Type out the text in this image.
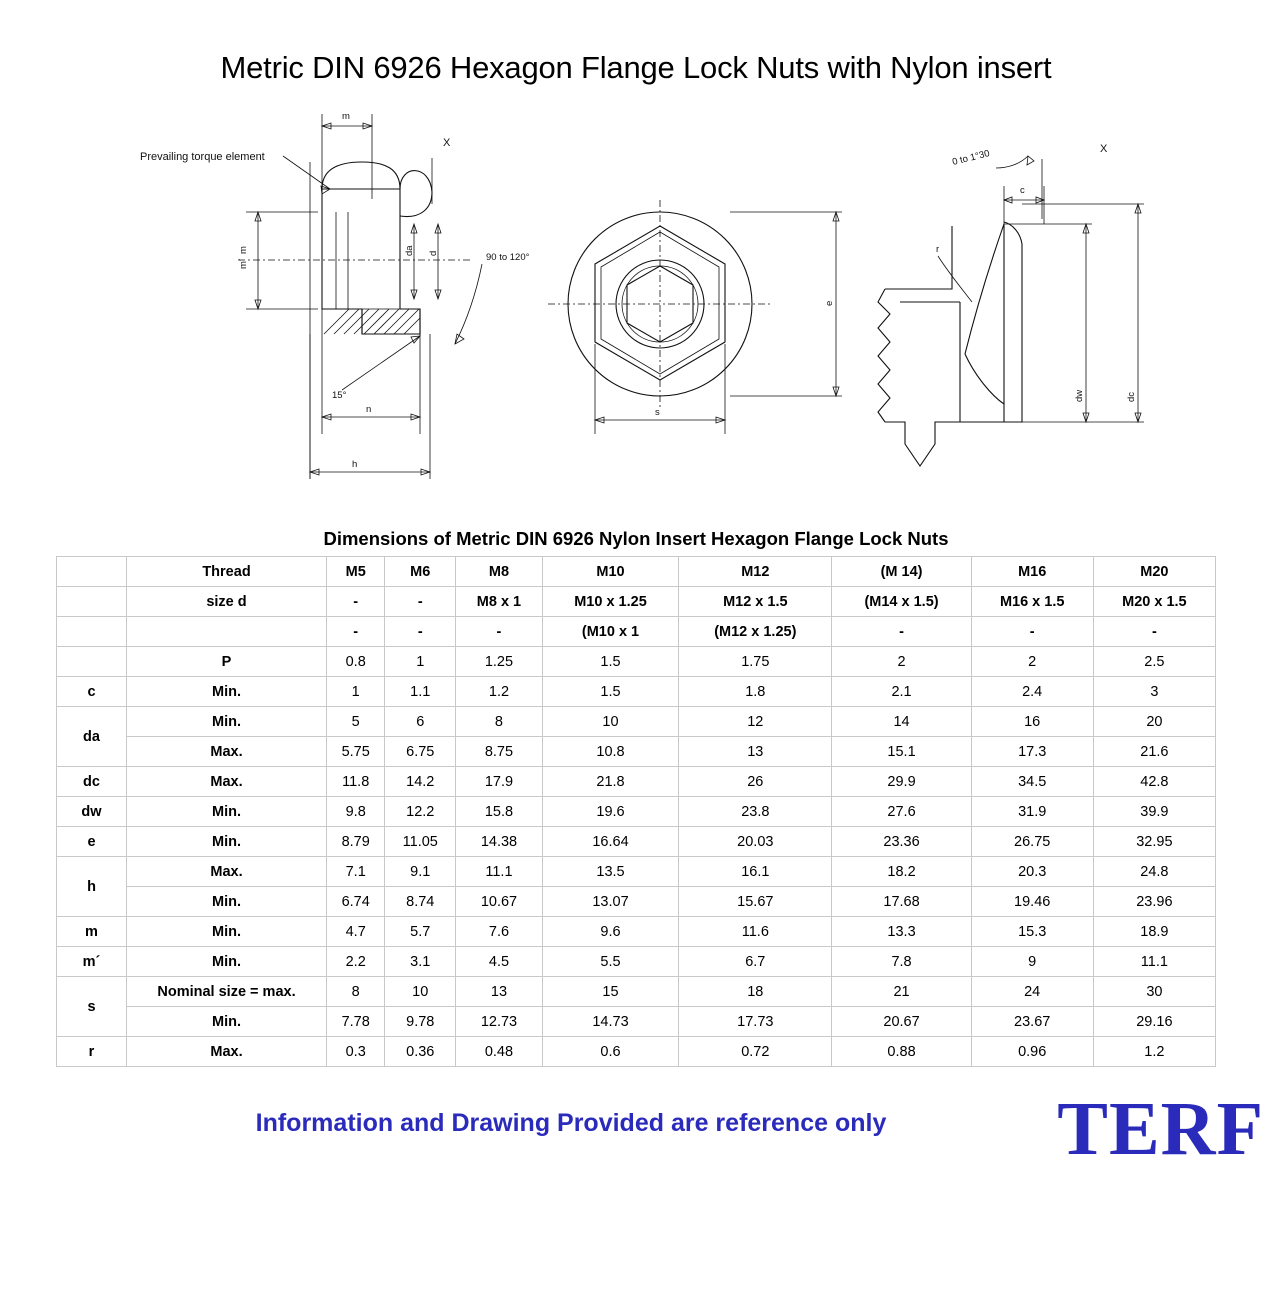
Metric DIN 6926 Hexagon Flange Lock Nuts with Nylon insert
Prevailing torque element
m
m´
m	da d
X
90 to 120°
15°
n
h
e
s
X
0 to 1°30
c
r
dw	dc
Dimensions of Metric DIN 6926 Nylon Insert Hexagon Flange Lock Nuts
	Thread	M5	M6	M8	M10	M12	(M 14)	M16	M20
	size d	-	-	M8 x 1	M10 x 1.25	M12 x 1.5	(M14 x 1.5)	M16 x 1.5	M20 x 1.5
		-	-	-	(M10 x 1	(M12 x 1.25)	-	-	-
	P	0.8	1	1.25	1.5	1.75	2	2	2.5
c	Min.	1	1.1	1.2	1.5	1.8	2.1	2.4	3
da	Min.	5	6	8	10	12	14	16	20
	Max.	5.75	6.75	8.75	10.8	13	15.1	17.3	21.6
dc	Max.	11.8	14.2	17.9	21.8	26	29.9	34.5	42.8
dw	Min.	9.8	12.2	15.8	19.6	23.8	27.6	31.9	39.9
e	Min.	8.79	11.05	14.38	16.64	20.03	23.36	26.75	32.95
h	Max.	7.1	9.1	11.1	13.5	16.1	18.2	20.3	24.8
	Min.	6.74	8.74	10.67	13.07	15.67	17.68	19.46	23.96
m	Min.	4.7	5.7	7.6	9.6	11.6	13.3	15.3	18.9
m´	Min.	2.2	3.1	4.5	5.5	6.7	7.8	9	11.1
s	Nominal size = max.	8	10	13	15	18	21	24	30
	Min.	7.78	9.78	12.73	14.73	17.73	20.67	23.67	29.16
r	Max.	0.3	0.36	0.48	0.6	0.72	0.88	0.96	1.2
Information and Drawing Provided are reference only	TERF
